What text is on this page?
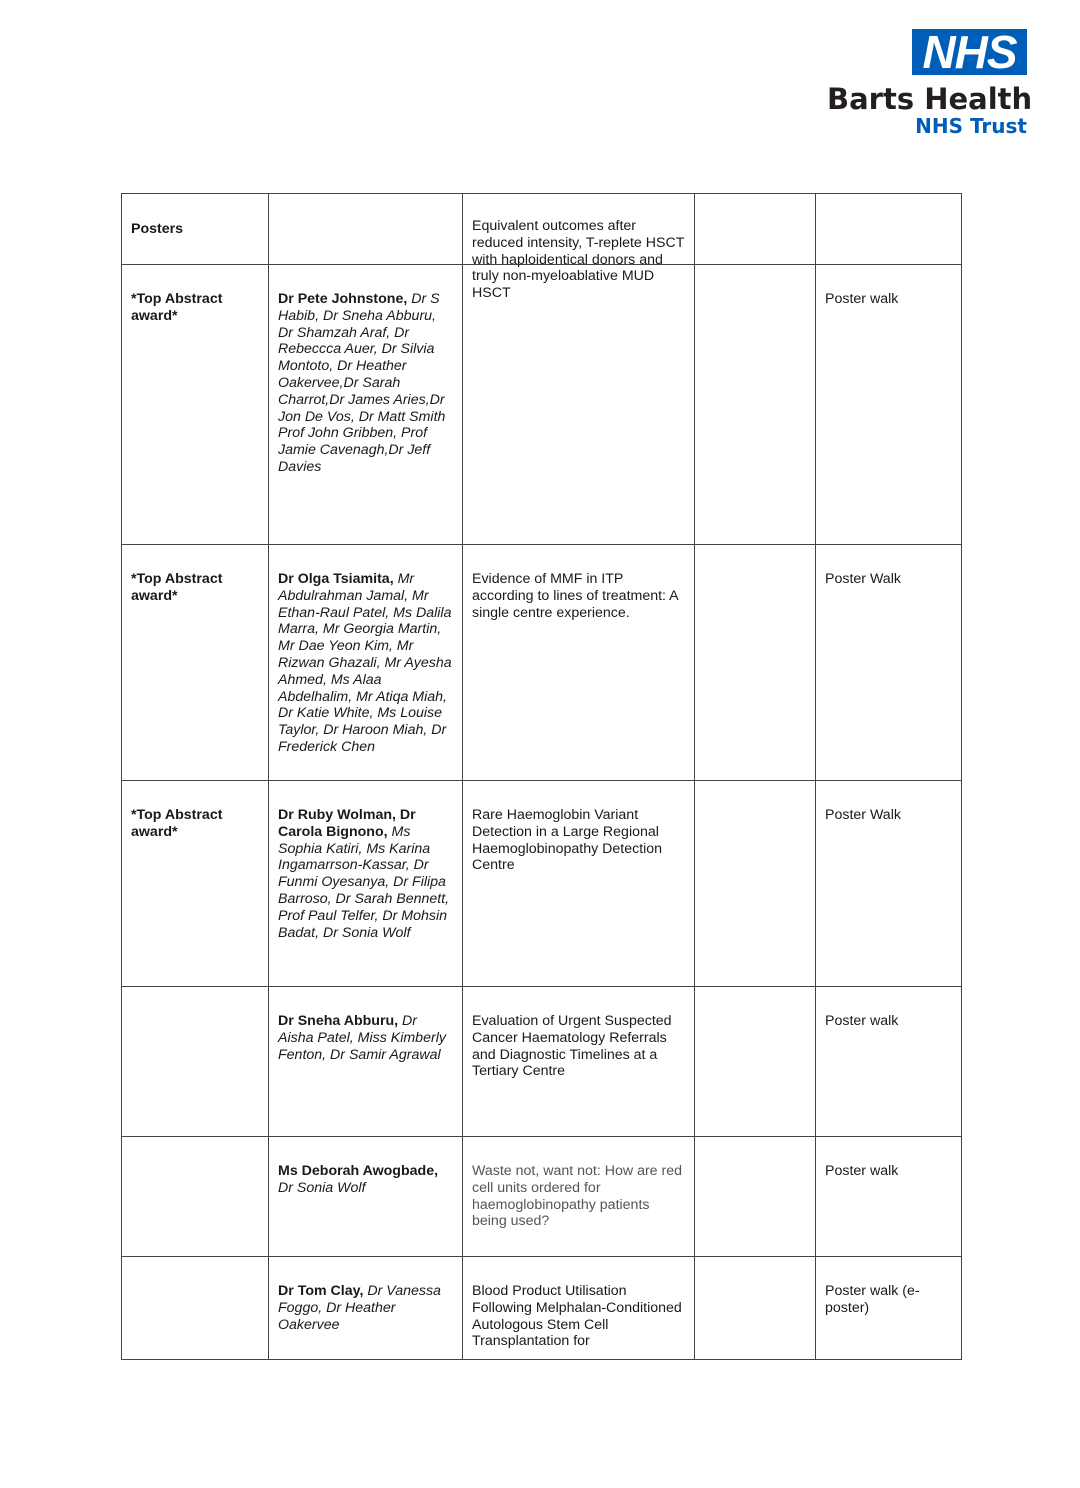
NHS
Barts Health
NHS Trust
Posters				
*Top Abstract award*	Dr Pete Johnstone, Dr S Habib, Dr Sneha Abburu, Dr Shamzah Araf, Dr Rebeccca Auer, Dr Silvia Montoto, Dr Heather Oakervee,Dr Sarah Charrot,Dr James Aries,Dr Jon De Vos, Dr Matt Smith Prof John Gribben, Prof Jamie Cavenagh,Dr Jeff Davies	Equivalent outcomes after reduced intensity, T-replete HSCT with haploidentical donors and truly non-myeloablative MUD HSCT		Poster walk
*Top Abstract award*	Dr Olga Tsiamita, Mr Abdulrahman Jamal, Mr Ethan-Raul Patel, Ms Dalila Marra, Mr Georgia Martin, Mr Dae Yeon Kim, Mr Rizwan Ghazali, Mr Ayesha Ahmed, Ms Alaa Abdelhalim, Mr Atiqa Miah, Dr Katie White, Ms Louise Taylor, Dr Haroon Miah, Dr Frederick Chen	Evidence of MMF in ITP according to lines of treatment: A single centre experience.		Poster Walk
*Top Abstract award*	Dr Ruby Wolman, Dr Carola Bignono, Ms Sophia Katiri, Ms Karina Ingamarrson-Kassar, Dr Funmi Oyesanya, Dr Filipa Barroso, Dr Sarah Bennett, Prof Paul Telfer, Dr Mohsin Badat, Dr Sonia Wolf	Rare Haemoglobin Variant Detection in a Large Regional Haemoglobinopathy Detection Centre		Poster Walk
	Dr Sneha Abburu, Dr Aisha Patel, Miss Kimberly Fenton, Dr Samir Agrawal	Evaluation of Urgent Suspected Cancer Haematology Referrals and Diagnostic Timelines at a Tertiary Centre		Poster walk
	Ms Deborah Awogbade, Dr Sonia Wolf	Waste not, want not: How are red cell units ordered for haemoglobinopathy patients being used?		Poster walk
	Dr Tom Clay, Dr Vanessa Foggo, Dr Heather Oakervee	Blood Product Utilisation Following Melphalan-Conditioned Autologous Stem Cell Transplantation for		Poster walk (e-poster)
